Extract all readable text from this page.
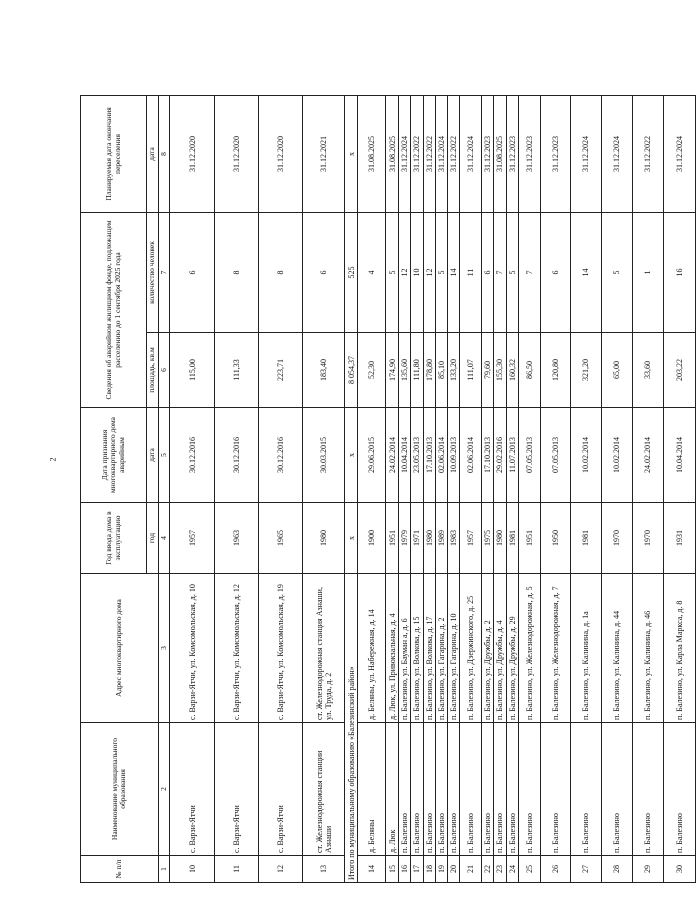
2
№ п/п	Наименование муниципального образования	Адрес многоквартирного дома	Год ввода дома в эксплуатацию	Дата признания многоквартирного дома аварийным	Сведения об аварийном жилищном фонде, подлежащем расселению до 1 сентября 2025 года		Планируемая дата окончания переселения
			год	дата	площадь, кв.м	количество человек	дата
1	2	3	4	5	6	7	8
10	с. Варзи-Ятчи	с. Варзи-Ятчи, ул. Комсомольская, д. 10	1957	30.12.2016	115,00	6	31.12.2020
11	с. Варзи-Ятчи	с. Варзи-Ятчи, ул. Комсомольская, д. 12	1963	30.12.2016	111,33	8	31.12.2020
12	с. Варзи-Ятчи	с. Варзи-Ятчи, ул. Комсомольская, д. 19	1965	30.12.2016	223,71	8	31.12.2020
13	ст. Железнодорожная станции Азнаши	ст. Железнодорожная станция Азнаши, ул. Труда, д. 2	1980	30.03.2015	183,40	6	31.12.2021
Итого по муниципальному образованию «Балезинский район»			x	x	8 054,37	525	x
14	д. Беляны	д. Беляны, ул. Набережная, д. 14	1900	29.06.2015	52,30	4	31.08.2025
15	д. Люк	д. Люк, ул. Привокзальная, д. 4	1951	24.02.2014	174,90	5	31.08.2025
16	п. Балезино	п. Балезино, ул. Бауман а, д. 6	1979	10.04.2014	135,60	12	31.12.2024
17	п. Балезино	п. Балезино, ул. Волкова, д. 15	1971	23.05.2013	111,80	10	31.12.2022
18	п. Балезино	п. Балезино, ул. Волкова, д. 17	1980	17.10.2013	178,80	12	31.12.2022
19	п. Балезино	п. Балезино, ул. Гагарина, д. 2	1989	02.06.2014	85,10	5	31.12.2024
20	п. Балезино	п. Балезино, ул. Гагарина, д. 10	1983	10.09.2013	133,20	14	31.12.2022
21	п. Балезино	п. Балезино, ул. Дзержинского, д. 25	1957	02.06.2014	111,07	11	31.12.2024
22	п. Балезино	п. Балезино, ул. Дружбы, д. 2	1975	17.10.2013	79,60	6	31.12.2023
23	п. Балезино	п. Балезино, ул. Дружбы, д. 4	1980	29.02.2016	155,30	7	31.08.2025
24	п. Балезино	п. Балезино, ул. Дружбы, д. 29	1981	11.07.2013	160,32	5	31.12.2023
25	п. Балезино	п. Балезино, ул. Железнодорожная, д. 5	1951	07.05.2013	86,50	7	31.12.2023
26	п. Балезино	п. Балезино, ул. Железнодорожная, д. 7	1950	07.05.2013	120,80	6	31.12.2023
27	п. Балезино	п. Балезино, ул. Калинина, д. 1а	1981	10.02.2014	321,20	14	31.12.2024
28	п. Балезино	п. Балезино, ул. Калинина, д. 44	1970	10.02.2014	65,00	5	31.12.2024
29	п. Балезино	п. Балезино, ул. Калинина, д. 46	1970	24.02.2014	33,60	1	31.12.2022
30	п. Балезино	п. Балезино, ул. Карла Маркса, д. 8	1931	10.04.2014	203,22	16	31.12.2024
